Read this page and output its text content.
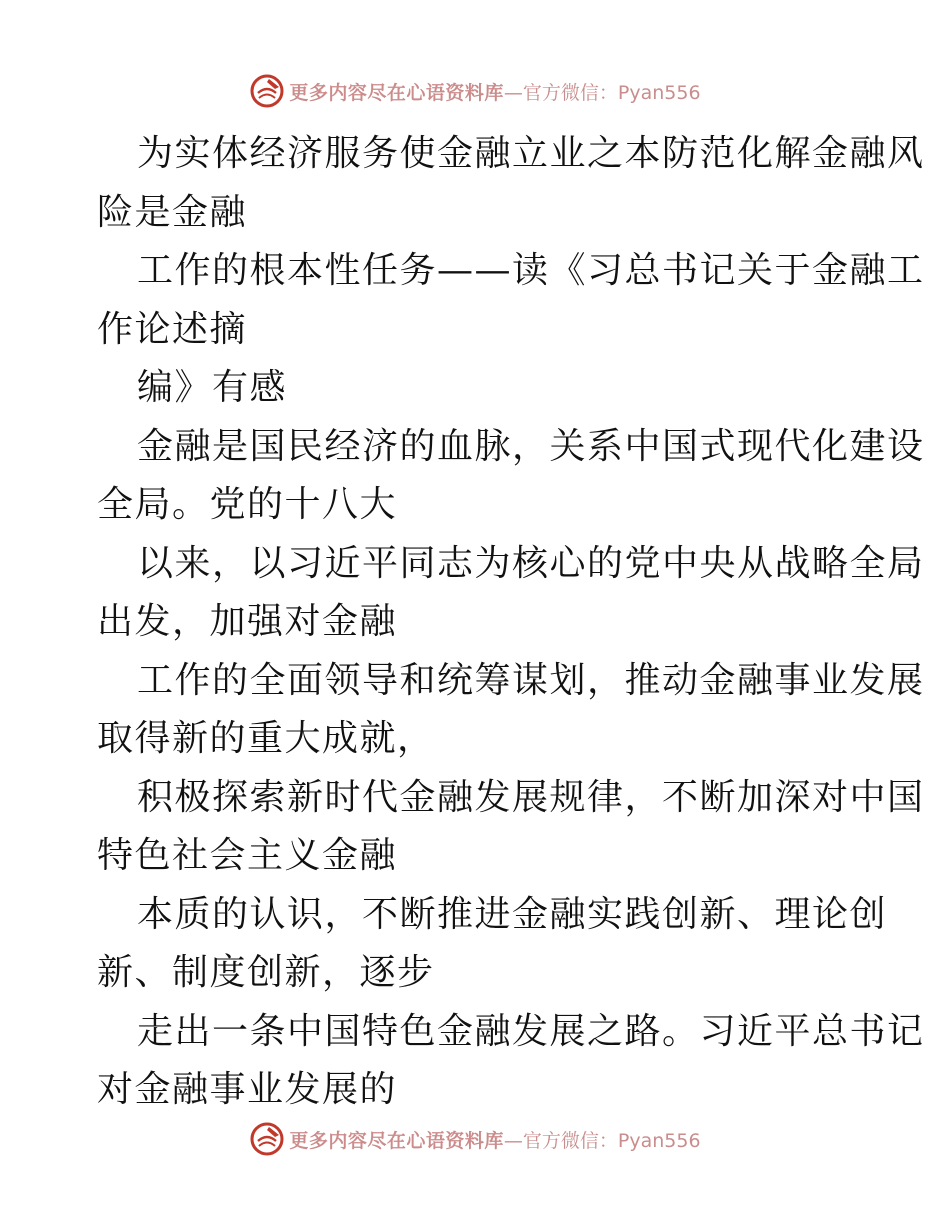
更多内容尽在心语资料库 —官方微信：Pyan556
为实体经济服务使金融立业之本防范化解金融风
险是金融
工作的根本性任务——读《习总书记关于金融工
作论述摘
编》有感
金融是国民经济的血脉，关系中国式现代化建设
全局。党的十八大
以来，以习近平同志为核心的党中央从战略全局
出发，加强对金融
工作的全面领导和统筹谋划，推动金融事业发展
取得新的重大成就，
积极探索新时代金融发展规律，不断加深对中国
特色社会主义金融
本质的认识，不断推进金融实践创新、理论创
新、制度创新，逐步
走出一条中国特色金融发展之路。习近平总书记
对金融事业发展的
更多内容尽在心语资料库 —官方微信：Pyan556
